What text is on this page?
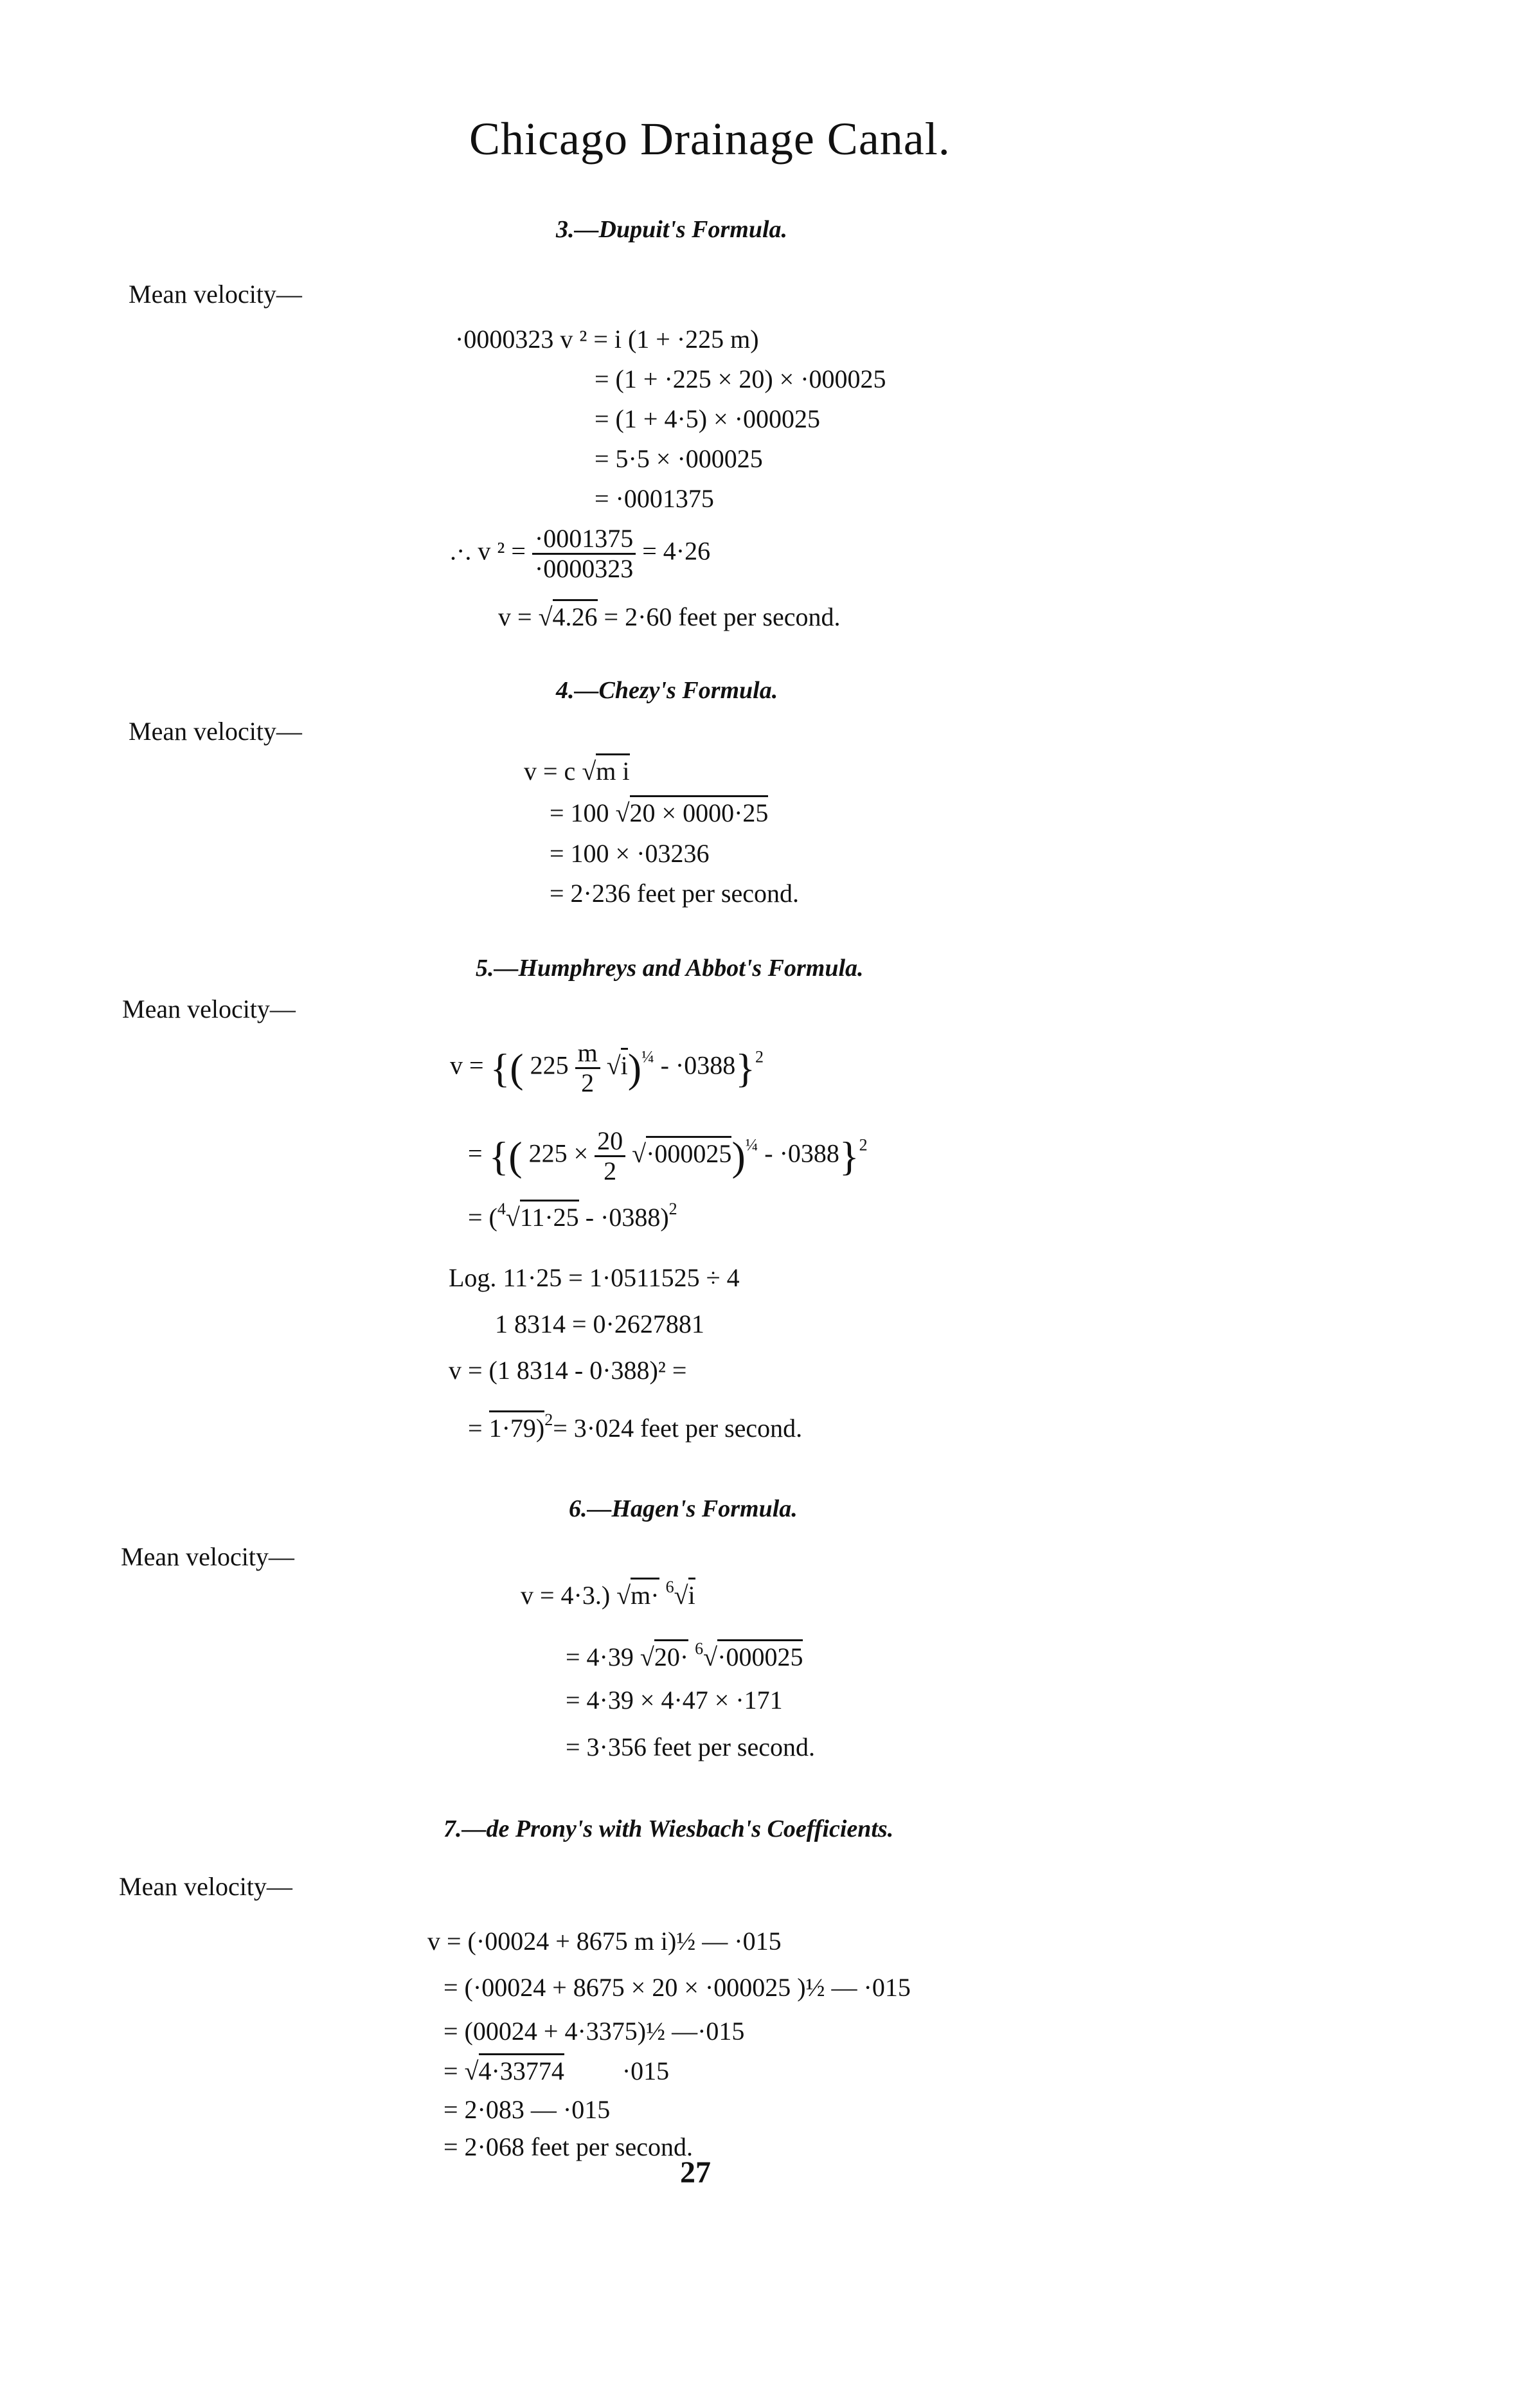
Chicago Drainage Canal.
3.—Dupuit's Formula.
Mean velocity—
·0000323 v ² = i (1 + ·225 m)
= (1 + ·225 × 20) × ·000025
= (1 + 4·5) × ·000025
= 5·5 × ·000025
= ·0001375
.·. v $^2 = \frac{\cdot 0001375}{\cdot 0000323} = 4\cdot 26$
v = √4.26 = 2·60 feet per second.
4.—Chezy's Formula.
Mean velocity—
v = c √m i
= 100 √20 × 0000·25
= 100 × ·03236
= 2·236 feet per second.
5.—Humphreys and Abbot's Formula.
Mean velocity—
v = {( $225 \frac{m}{2} √i)^{\frac{1}{4}} - \cdot 0388\}^2$
= {( $225 \times \frac{20}{2} √\cdot 000025)^{\frac{1}{4}} - \cdot 0388\}^2$
= $(^4√11\cdot 25 - \cdot 0388)^2$
Log. 11·25 = 1·0511525 ÷ 4
1 8314 = 0·2627881
v = (1 8314 - 0·388)² =
= 1·79)$^2$= 3·024 feet per second.
6.—Hagen's Formula.
Mean velocity—
v = 4·3.) √m· $^6$√i
= 4·39 √20· $^6$√·000025
= 4·39 × 4·47 × ·171
= 3·356 feet per second.
7.—de Prony's with Wiesbach's Coefficients.
Mean velocity—
v = (·00024 + 8675 m i)½ — ·015
= (·00024 + 8675 × 20 × ·000025 )½ — ·015
= (00024 + 4·3375)½ —·015
= √4·33774 ·015
= 2·083 — ·015
= 2·068 feet per second.
27
